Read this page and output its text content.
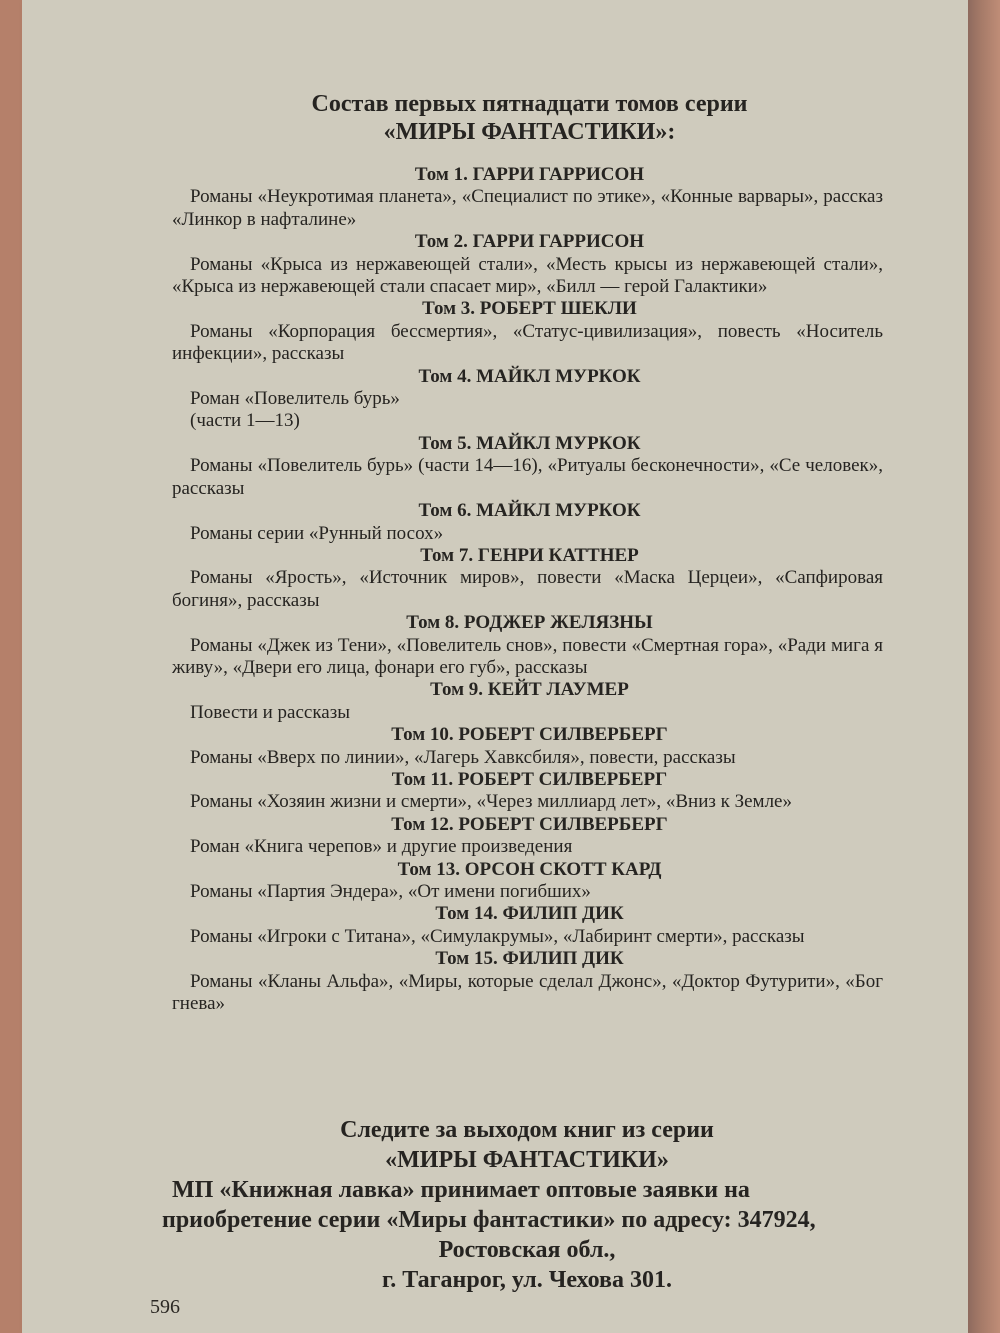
Состав первых пятнадцати томов серии

«МИРЫ ФАНТАСТИКИ»:

Том 1. ГАРРИ ГАРРИСОН
Романы «Неукротимая планета», «Специалист по этике», «Конные варвары», рассказ «Линкор в нафталине»
Том 2. ГАРРИ ГАРРИСОН
Романы «Крыса из нержавеющей стали», «Месть крысы из нержавеющей стали», «Крыса из нержавеющей стали спасает мир», «Билл — герой Галактики»
Том 3. РОБЕРТ ШЕКЛИ
Романы «Корпорация бессмертия», «Статус-цивилизация», повесть «Носитель инфекции», рассказы
Том 4. МАЙКЛ МУРКОК
Роман «Повелитель бурь»
(части 1—13)
Том 5. МАЙКЛ МУРКОК
Романы «Повелитель бурь» (части 14—16), «Ритуалы бесконечности», «Се человек», рассказы
Том 6. МАЙКЛ МУРКОК
Романы серии «Рунный посох»
Том 7. ГЕНРИ КАТТНЕР
Романы «Ярость», «Источник миров», повести «Маска Церцеи», «Сапфировая богиня», рассказы
Том 8. РОДЖЕР ЖЕЛЯЗНЫ
Романы «Джек из Тени», «Повелитель снов», повести «Смертная гора», «Ради мига я живу», «Двери его лица, фонари его губ», рассказы
Том 9. КЕЙТ ЛАУМЕР
Повести и рассказы
Том 10. РОБЕРТ СИЛВЕРБЕРГ
Романы «Вверх по линии», «Лагерь Хавксбиля», повести, рассказы
Том 11. РОБЕРТ СИЛВЕРБЕРГ
Романы «Хозяин жизни и смерти», «Через миллиард лет», «Вниз к Земле»
Том 12. РОБЕРТ СИЛВЕРБЕРГ
Роман «Книга черепов» и другие произведения
Том 13. ОРСОН СКОТТ КАРД
Романы «Партия Эндера», «От имени погибших»
Том 14. ФИЛИП ДИК
Романы «Игроки с Титана», «Симулакрумы», «Лабиринт смерти», рассказы
Том 15. ФИЛИП ДИК
Романы «Кланы Альфа», «Миры, которые сделал Джонс», «Доктор Футурити», «Бог гнева»
Следите за выходом книг из серии
«МИРЫ ФАНТАСТИКИ»
МП «Книжная лавка» принимает оптовые заявки на приобретение серии «Миры фантастики» по адресу: 347924,
Ростовская обл.,
г. Таганрог, ул. Чехова 301.
596
